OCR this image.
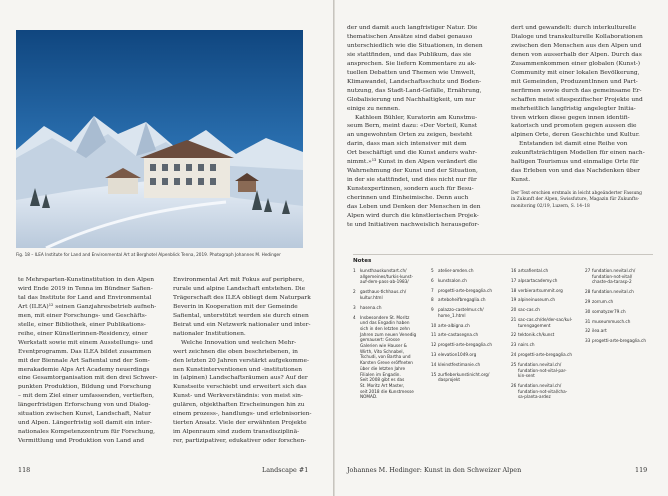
Fig. 18 – ILEA Institute for Land and Environmental Art at Berghotel Alpenblick Tenna, 2019. Photograph Johannes M. Hedinger

te Mehrsparten-Kunstinstitution in den Alpen

wird Ende 2019 in Tenna im Bündner Safien-

tal das Institute for Land and Environmental

Art (ILEA)¹² seinen Ganzjahresbetrieb aufneh-

men, mit einer Forschungs- und Geschäfts-

stelle, einer Bibliothek, einer Publikations-

reihe, einer Künstlerinnen-Residency, einer

Werkstatt sowie mit einem Ausstellungs- und

Eventprogramm. Das ILEA bildet zusammen

mit der Biennale Art Safiental und der Som-

merakademie Alps Art Academy neuerdings

eine Gesamtorganisation mit den drei Schwer-

punkten Produktion, Bildung und Forschung

– mit dem Ziel einer umfassenden, vertieften,

längerfristigen Erforschung von und Dialog-

situation zwischen Kunst, Landschaft, Natur

und Alpen. Längerfristig soll damit ein inter-

nationales Kompetenzzentrum für Forschung,

Vermittlung und Produktion von Land and

Environmental Art mit Fokus auf periphere,

rurale und alpine Landschaft entstehen. Die

Trägerschaft des ILEA obliegt dem Naturpark

Beverin in Kooperation mit der Gemeinde

Safiental, unterstützt werden sie durch einen

Beirat und ein Netzwerk nationaler und inter-

nationaler Institutionen.

Welche Innovation und welchen Mehr-

wert zeichnen die oben beschriebenen, in

den letzten 20 Jahren verstärkt aufgekomme-

nen Kunstinterventionen und -institutionen

in (alpinen) Landschaftsräumen aus? Auf der

Kunstseite verschiebt und erweitert sich das

Kunst- und Werkverständnis: von meist sin-

gulären, objekthaften Erscheinungen hin zu

einem prozess-, handlungs- und erlebnisorien-

tierten Ansatz. Viele der erwähnten Projekte

im Alpenraum sind zudem transdisziplinä-

rer, partizipativer, edukativer oder forschen-

118	Landscape #1

der und damit auch langfristiger Natur. Die

thematischen Ansätze sind dabei genauso

unterschiedlich wie die Situationen, in denen

sie stattfinden, und das Publikum, das sie

ansprechen. Sie liefern Kommentare zu ak-

tuellen Debatten und Themen wie Umwelt,

Klimawandel, Landschaftsschutz und Boden-

nutzung, das Stadt-Land-Gefälle, Ernährung,

Globalisierung und Nachhaltigkeit, um nur

einige zu nennen.

Kathleen Bühler, Kuratorin am Kunstmu-

seum Bern, meint dazu: «Der Vorteil, Kunst

an ungewohnten Orten zu zeigen, besteht

darin, dass man sich intensiver mit dem

Ort beschäftigt und die Kunst anders wahr-

nimmt.»¹³ Kunst in den Alpen verändert die

Wahrnehmung der Kunst und der Situation,

in der sie stattfindet, und dies nicht nur für

Kunstexpertinnen, sondern auch für Besu-

cherinnen und Einheimische. Denn auch

das Leben und Denken der Menschen in den

Alpen wird durch die künstlerischen Projek-

te und Initiativen nachweislich herausgefor-

dert und gewandelt: durch interkulturelle

Dialoge und transkulturelle Kollaborationen

zwischen den Menschen aus den Alpen und

denen von ausserhalb der Alpen. Durch das

Zusammenkommen einer globalen (Kunst-)

Community mit einer lokalen Bevölkerung,

mit Gemeinden, ProduzentInnen und Part-

nerfirmen sowie durch das gemeinsame Er-

schaffen meist sitespezifischer Projekte und

mehrheitlich langfristig angelegter Initia-

tiven wirken diese gegen innen identifi-

katorisch und promoten gegen aussen die

alpinen Orte, deren Geschichte und Kultur.

Entstanden ist damit eine Reihe von

zukunftsträchtigen Modellen für einen nach-

haltigen Tourismus und einmalige Orte für

das Erleben von und das Nachdenken über

Kunst.

Der Text erschien erstmals in leicht abgeänderter Fassung

in Zukunft der Alpen, Swissfuture, Magazin für Zukunfts-

monitoring 02/19, Luzern, S. 14–18

Notes
1	kunsthauskunstart.ch/
allgemeines/turkis-kunst-
auf-dem-pass-ab-1983/
2	gasthaus-tlchhaus.ch/
kultur.html
3	hasena.ch
4	Insbesondere St. Moritz
und das Engadin haben
sich in den letzten zehn
Jahren zum neuen Venedig
gemausert: Grosse
Galerien wie Hauser &
Wirth, Vito Schnabel,
Tschudi, von Bartha und
Karsten Greve eröffneten
über die letzten Jahre
Filialen im Engadin.
Seit 2008 gibt es das
St. Moritz Art Master,
seit 2018 die Kunstmesse
NOMAD.
5	atelier-amden.ch
6	kunstsalon.ch
7	progetti-arte-bregaglia.ch
8	arteboheifbregaglia.ch
9	palazzo-castelmur.ch/
home_1.html
10 arte-albigna.ch
11 arte-castasegna.ch
12 progetti-arte-bregaglia.ch
13 elevation1049.org
14 kleinstfestimanie.ch
15 zurfieberkunstinicht.org/
dasprojekt
16 artsafiental.ch
17 alpsartacademy.ch
18 verbierartsummit.org
19 alpineinuseum.ch
20 sac-cas.ch
21 sac-cas.ch/de/der-sac/kul-
turengagement
22 tektonik.ch/kunst
23 nairs.ch
24 progetti-arte-bregaglia.ch
25 fundation.nevital.ch/
fundation-not-vital-par-
kin-sent
26 fundation.nevital.ch/
fundation-not-vital/cha-
sa-planta-ardez
27 fundation.nevital.ch/
fundation-not-vital/
chaste-da-tarasp-2
28 fundation.nevital.ch
29 zorrum.ch
30 somatyzer79.ch
31 museummusch.ch
32 ilea.art
33 progetti-arte-bregaglia.ch
Johannes M. Hedinger: Kunst in den Schweizer Alpen	119
